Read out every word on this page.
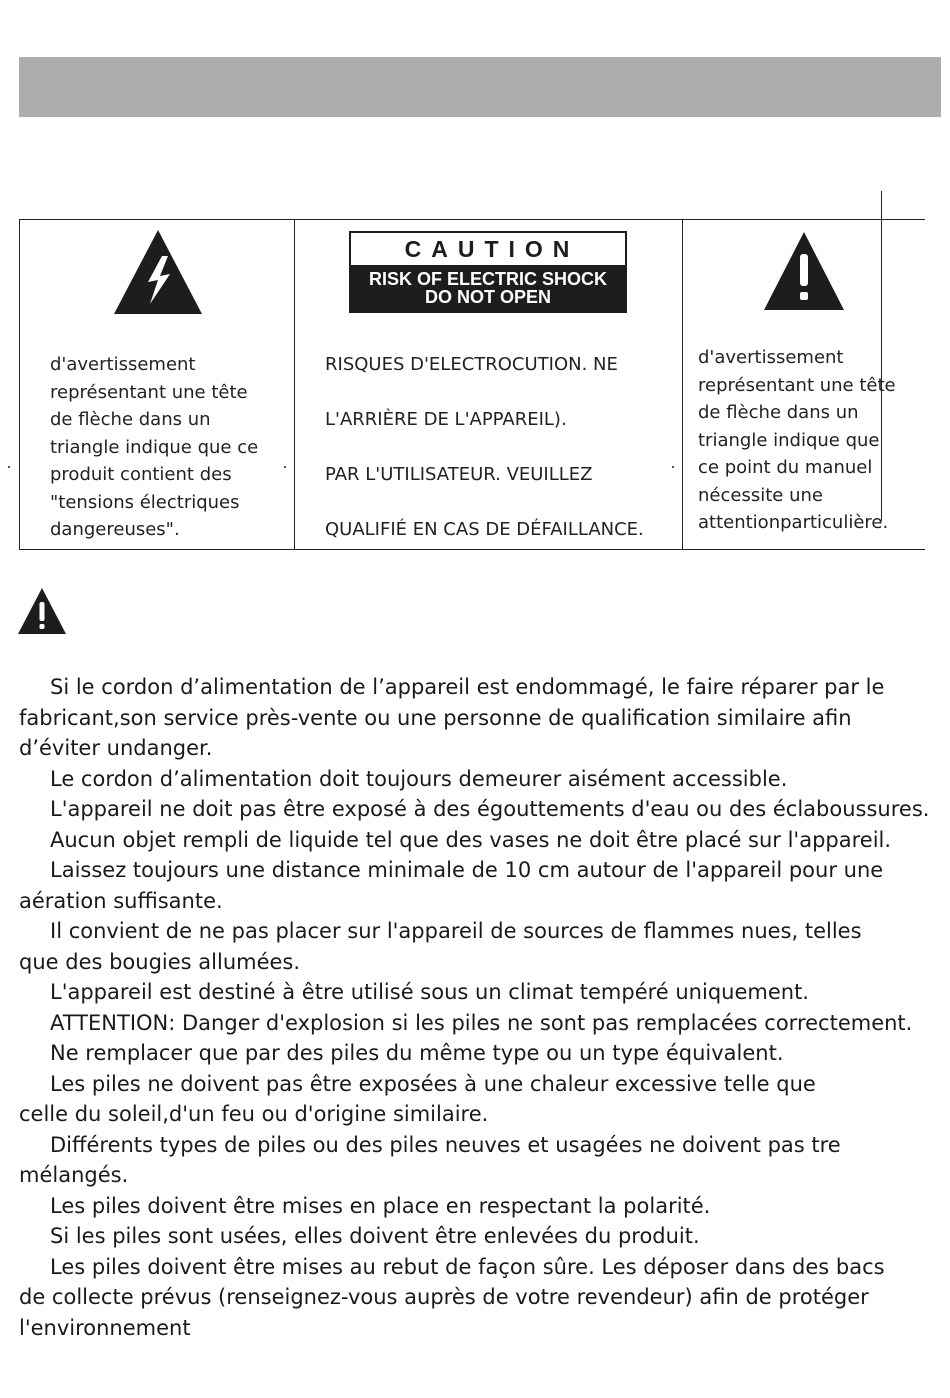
d'avertissement
représentant une tête
de flèche dans un
triangle indique que ce
produit contient des
"tensions électriques
dangereuses".
CAUTION
RISK OF ELECTRIC SHOCK
DO NOT OPEN
RISQUES D'ELECTROCUTION. NE
L'ARRIÈRE DE L'APPAREIL).
PAR L'UTILISATEUR. VEUILLEZ
QUALIFIÉ EN CAS DE DÉFAILLANCE.
d'avertissement
représentant une tête
de flèche dans un
triangle indique que
ce point du manuel
nécessite une
attentionparticulière.
Si le cordon d’alimentation de l’appareil est endommagé, le faire réparer par le
fabricant,son service près-vente ou une personne de qualification similaire afin
d’éviter undanger.
Le cordon d’alimentation doit toujours demeurer aisément accessible.
L'appareil ne doit pas être exposé à des égouttements d'eau ou des éclaboussures.
Aucun objet rempli de liquide tel que des vases ne doit être placé sur l'appareil.
Laissez toujours une distance minimale de 10 cm autour de l'appareil pour une
aération suffisante.
Il convient de ne pas placer sur l'appareil de sources de flammes nues, telles
que des bougies allumées.
L'appareil est destiné à être utilisé sous un climat tempéré uniquement.
ATTENTION: Danger d'explosion si les piles ne sont pas remplacées correctement.
Ne remplacer que par des piles du même type ou un type équivalent.
Les piles ne doivent pas être exposées à une chaleur excessive telle que
celle du soleil,d'un feu ou d'origine similaire.
Différents types de piles ou des piles neuves et usagées ne doivent pas tre
mélangés.
Les piles doivent être mises en place en respectant la polarité.
Si les piles sont usées, elles doivent être enlevées du produit.
Les piles doivent être mises au rebut de façon sûre. Les déposer dans des bacs
de collecte prévus (renseignez-vous auprès de votre revendeur) afin de protéger
l'environnement
